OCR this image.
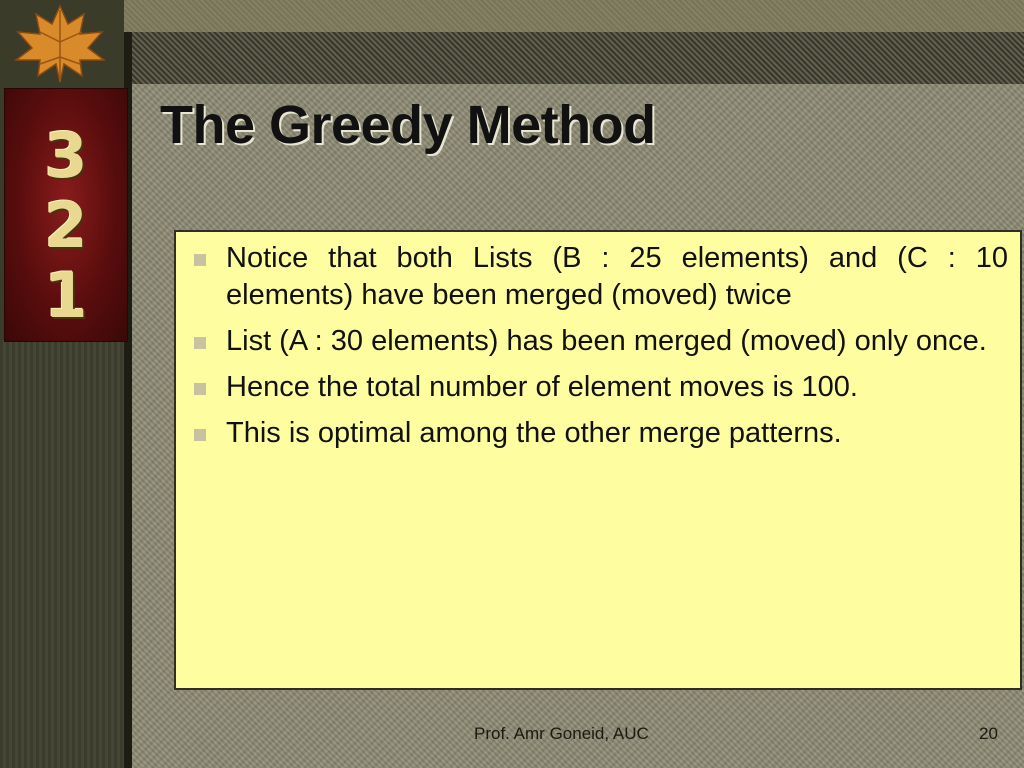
3
2
1
The Greedy Method
Notice that both Lists (B : 25 elements) and (C : 10 elements) have been merged (moved) twice
List (A : 30 elements) has been merged (moved) only once.
Hence the total number of element moves is 100.
This is optimal among the other merge patterns.
Prof. Amr Goneid, AUC	20
